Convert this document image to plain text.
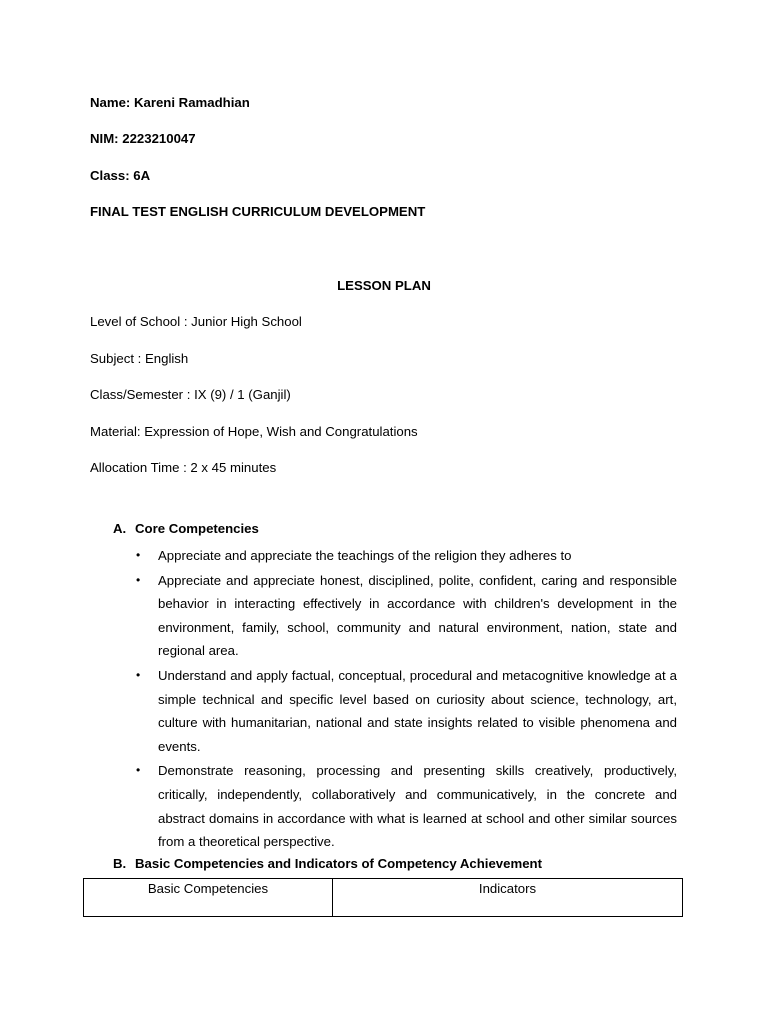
Name: Kareni Ramadhian
NIM: 2223210047
Class: 6A
FINAL TEST ENGLISH CURRICULUM DEVELOPMENT
LESSON PLAN
Level of School : Junior High School
Subject : English
Class/Semester : IX (9) / 1 (Ganjil)
Material: Expression of Hope, Wish and Congratulations
Allocation Time : 2 x 45 minutes
A. Core Competencies
• Appreciate and appreciate the teachings of the religion they adheres to
• Appreciate and appreciate honest, disciplined, polite, confident, caring and responsible behavior in interacting effectively in accordance with children's development in the environment, family, school, community and natural environment, nation, state and regional area.
• Understand and apply factual, conceptual, procedural and metacognitive knowledge at a simple technical and specific level based on curiosity about science, technology, art, culture with humanitarian, national and state insights related to visible phenomena and events.
• Demonstrate reasoning, processing and presenting skills creatively, productively, critically, independently, collaboratively and communicatively, in the concrete and abstract domains in accordance with what is learned at school and other similar sources from a theoretical perspective.
B. Basic Competencies and Indicators of Competency Achievement
Basic Competencies	Indicators
